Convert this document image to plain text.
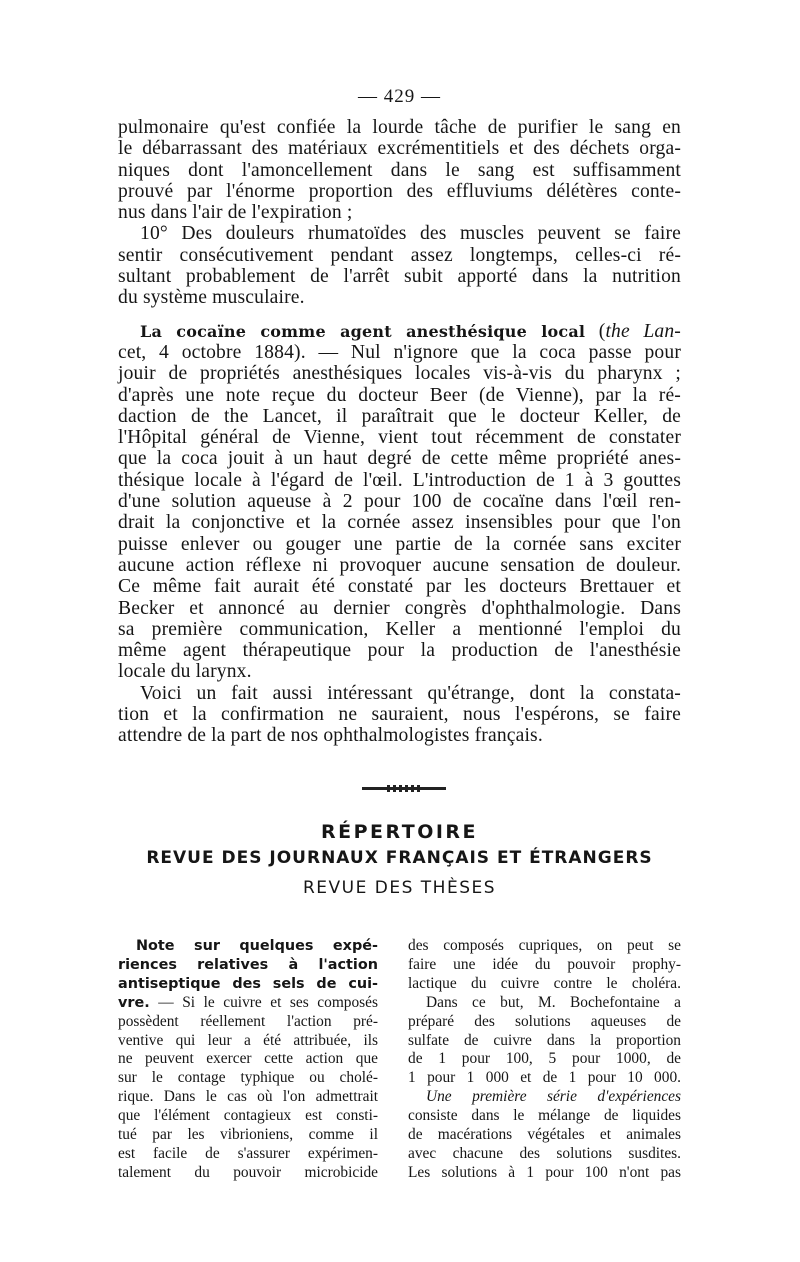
— 429 —

pulmonaire qu'est confiée la lourde tâche de purifier le sang en

le débarrassant des matériaux excrémentitiels et des déchets orga-

niques dont l'amoncellement dans le sang est suffisamment

prouvé par l'énorme proportion des effluviums délétères conte-

nus dans l'air de l'expiration ;

10° Des douleurs rhumatoïdes des muscles peuvent se faire

sentir consécutivement pendant assez longtemps, celles-ci ré-

sultant probablement de l'arrêt subit apporté dans la nutrition

du système musculaire.

La cocaïne comme agent anesthésique local (the Lan-

cet, 4 octobre 1884). — Nul n'ignore que la coca passe pour

jouir de propriétés anesthésiques locales vis-à-vis du pharynx ;

d'après une note reçue du docteur Beer (de Vienne), par la ré-

daction de the Lancet, il paraîtrait que le docteur Keller, de

l'Hôpital général de Vienne, vient tout récemment de constater

que la coca jouit à un haut degré de cette même propriété anes-

thésique locale à l'égard de l'œil. L'introduction de 1 à 3 gouttes

d'une solution aqueuse à 2 pour 100 de cocaïne dans l'œil ren-

drait la conjonctive et la cornée assez insensibles pour que l'on

puisse enlever ou gouger une partie de la cornée sans exciter

aucune action réflexe ni provoquer aucune sensation de douleur.

Ce même fait aurait été constaté par les docteurs Brettauer et

Becker et annoncé au dernier congrès d'ophthalmologie. Dans

sa première communication, Keller a mentionné l'emploi du

même agent thérapeutique pour la production de l'anesthésie

locale du larynx.

Voici un fait aussi intéressant qu'étrange, dont la constata-

tion et la confirmation ne sauraient, nous l'espérons, se faire

attendre de la part de nos ophthalmologistes français.

RÉPERTOIRE
REVUE DES JOURNAUX FRANÇAIS ET ÉTRANGERS
REVUE DES THÈSES

Note sur quelques expé-

riences relatives à l'action

antiseptique des sels de cui-

vre. — Si le cuivre et ses composés

possèdent réellement l'action pré-

ventive qui leur a été attribuée, ils

ne peuvent exercer cette action que

sur le contage typhique ou cholé-

rique. Dans le cas où l'on admettrait

que l'élément contagieux est consti-

tué par les vibrioniens, comme il

est facile de s'assurer expérimen-

talement du pouvoir microbicide

des composés cupriques, on peut se

faire une idée du pouvoir prophy-

lactique du cuivre contre le choléra.

Dans ce but, M. Bochefontaine a

préparé des solutions aqueuses de

sulfate de cuivre dans la proportion

de 1 pour 100, 5 pour 1000, de

1 pour 1 000 et de 1 pour 10 000.

Une première série d'expériences

consiste dans le mélange de liquides

de macérations végétales et animales

avec chacune des solutions susdites.

Les solutions à 1 pour 100 n'ont pas
